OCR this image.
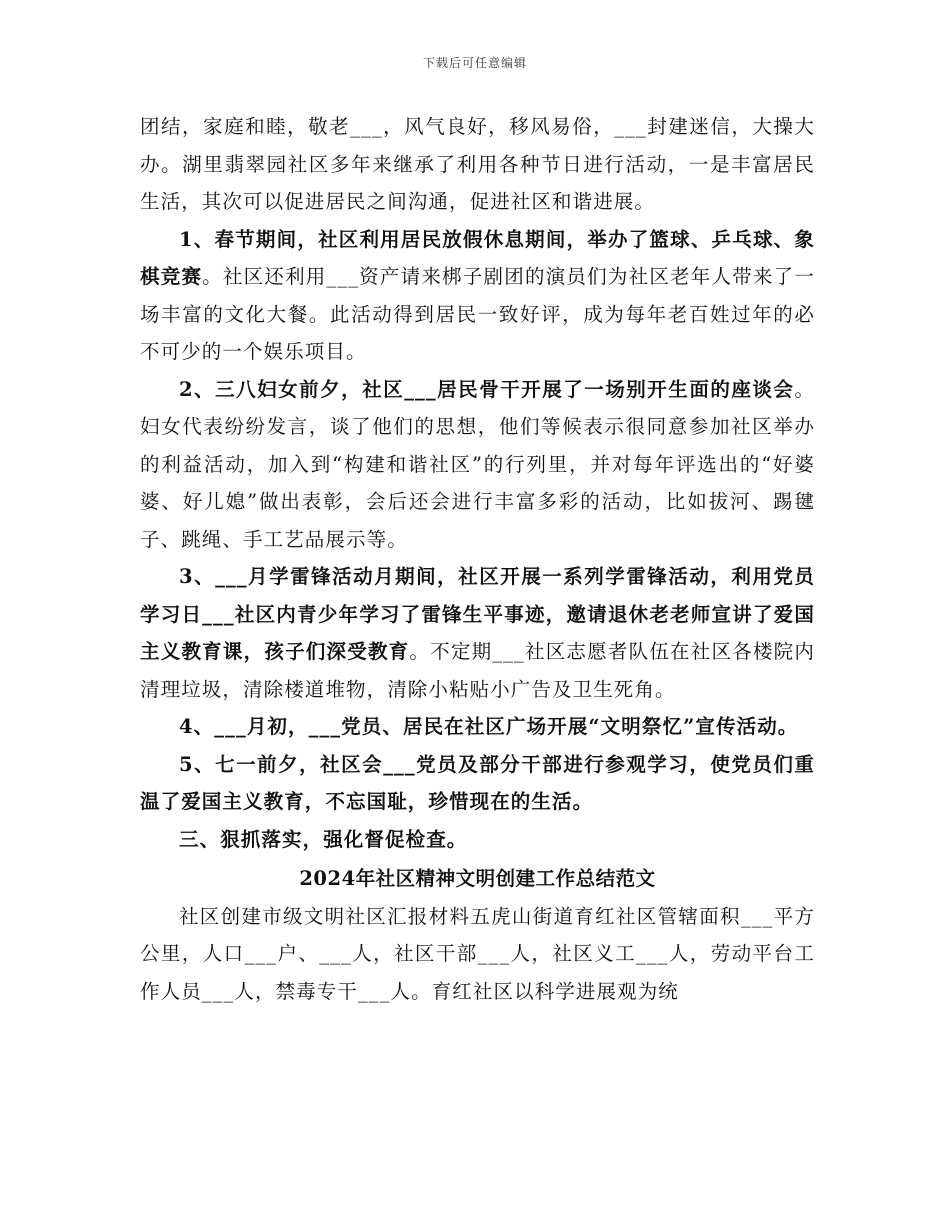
下载后可任意编辑

团结，家庭和睦，敬老___，风气良好，移风易俗，___封建迷信，大操大办。湖里翡翠园社区多年来继承了利用各种节日进行活动，一是丰富居民生活，其次可以促进居民之间沟通，促进社区和谐进展。

1、春节期间，社区利用居民放假休息期间，举办了篮球、乒乓球、象棋竞赛。社区还利用___资产请来梆子剧团的演员们为社区老年人带来了一场丰富的文化大餐。此活动得到居民一致好评，成为每年老百姓过年的必不可少的一个娱乐项目。

2、三八妇女前夕，社区___居民骨干开展了一场别开生面的座谈会。妇女代表纷纷发言，谈了他们的思想，他们等候表示很同意参加社区举办的利益活动，加入到“构建和谐社区”的行列里，并对每年评选出的“好婆婆、好儿媳”做出表彰，会后还会进行丰富多彩的活动，比如拔河、踢毽子、跳绳、手工艺品展示等。

3、___月学雷锋活动月期间，社区开展一系列学雷锋活动，利用党员学习日___社区内青少年学习了雷锋生平事迹，邀请退休老老师宣讲了爱国主义教育课，孩子们深受教育。不定期___社区志愿者队伍在社区各楼院内清理垃圾，清除楼道堆物，清除小粘贴小广告及卫生死角。

4、___月初，___党员、居民在社区广场开展“文明祭忆”宣传活动。

5、七一前夕，社区会___党员及部分干部进行参观学习，使党员们重温了爱国主义教育，不忘国耻，珍惜现在的生活。

三、狠抓落实，强化督促检查。

2024年社区精神文明创建工作总结范文

社区创建市级文明社区汇报材料五虎山街道育红社区管辖面积___平方公里，人口___户、___人，社区干部___人，社区义工___人，劳动平台工作人员___人，禁毒专干___人。育红社区以科学进展观为统
